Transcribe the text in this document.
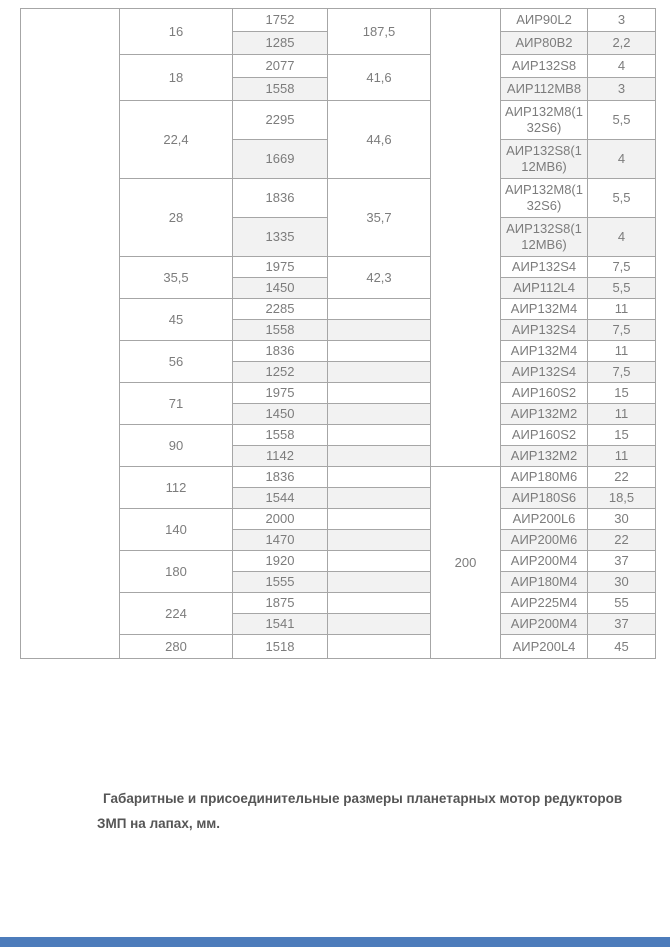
	16	1752	187,5		АИР90L2	3
		1285			АИР80В2	2,2
	18	2077	41,6		АИР132S8	4
		1558			АИР112МВ8	3
	22,4	2295	44,6		АИР132М8(132S6)	5,5
		1669			АИР132S8(112МВ6)	4
	28	1836	35,7		АИР132М8(132S6)	5,5
		1335			АИР132S8(112МВ6)	4
	35,5	1975	42,3		АИР132S4	7,5
		1450			АИР112L4	5,5
	45	2285			АИР132М4	11
		1558			АИР132S4	7,5
	56	1836			АИР132М4	11
		1252			АИР132S4	7,5
	71	1975			АИР160S2	15
		1450			АИР132М2	11
	90	1558			АИР160S2	15
		1142			АИР132М2	11
	112	1836		200	АИР180М6	22
		1544			АИР180S6	18,5
	140	2000			АИР200L6	30
		1470			АИР200М6	22
	180	1920			АИР200М4	37
		1555			АИР180М4	30
	224	1875			АИР225М4	55
		1541			АИР200М4	37
	280	1518			АИР200L4	45

Габаритные и присоединительные размеры планетарных мотор редукторов ЗМП на лапах, мм.
